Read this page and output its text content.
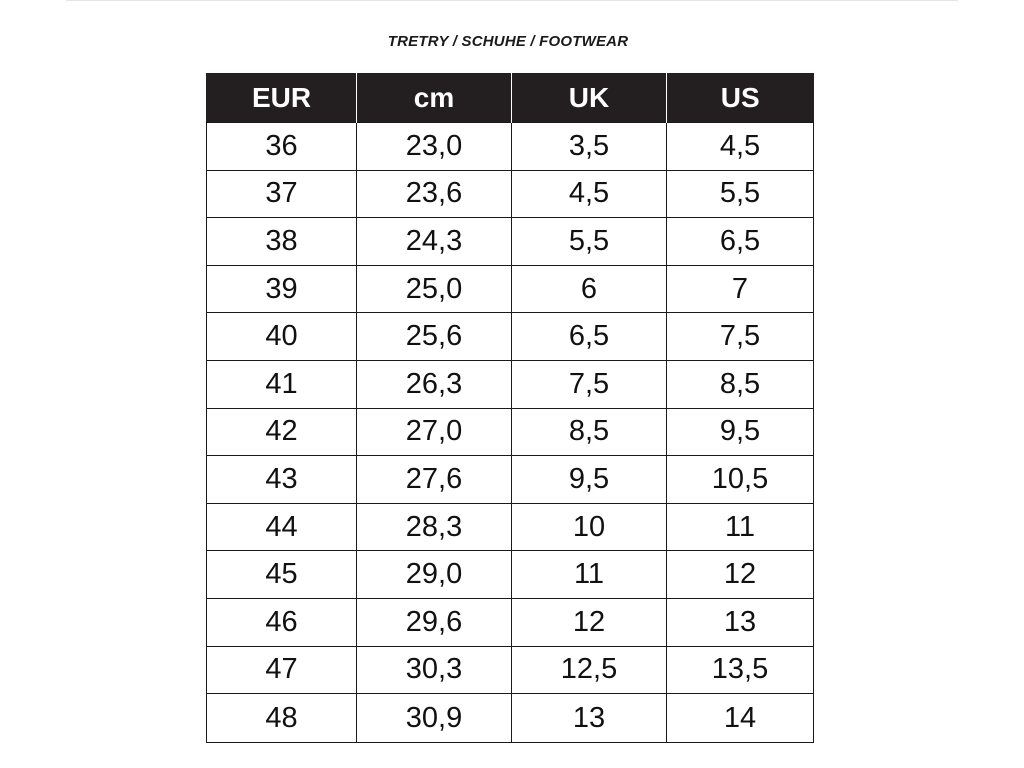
TRETRY / SCHUHE / FOOTWEAR
EUR	cm	UK	US
36	23,0	3,5	4,5
37	23,6	4,5	5,5
38	24,3	5,5	6,5
39	25,0	6	7
40	25,6	6,5	7,5
41	26,3	7,5	8,5
42	27,0	8,5	9,5
43	27,6	9,5	10,5
44	28,3	10	11
45	29,0	11	12
46	29,6	12	13
47	30,3	12,5	13,5
48	30,9	13	14
